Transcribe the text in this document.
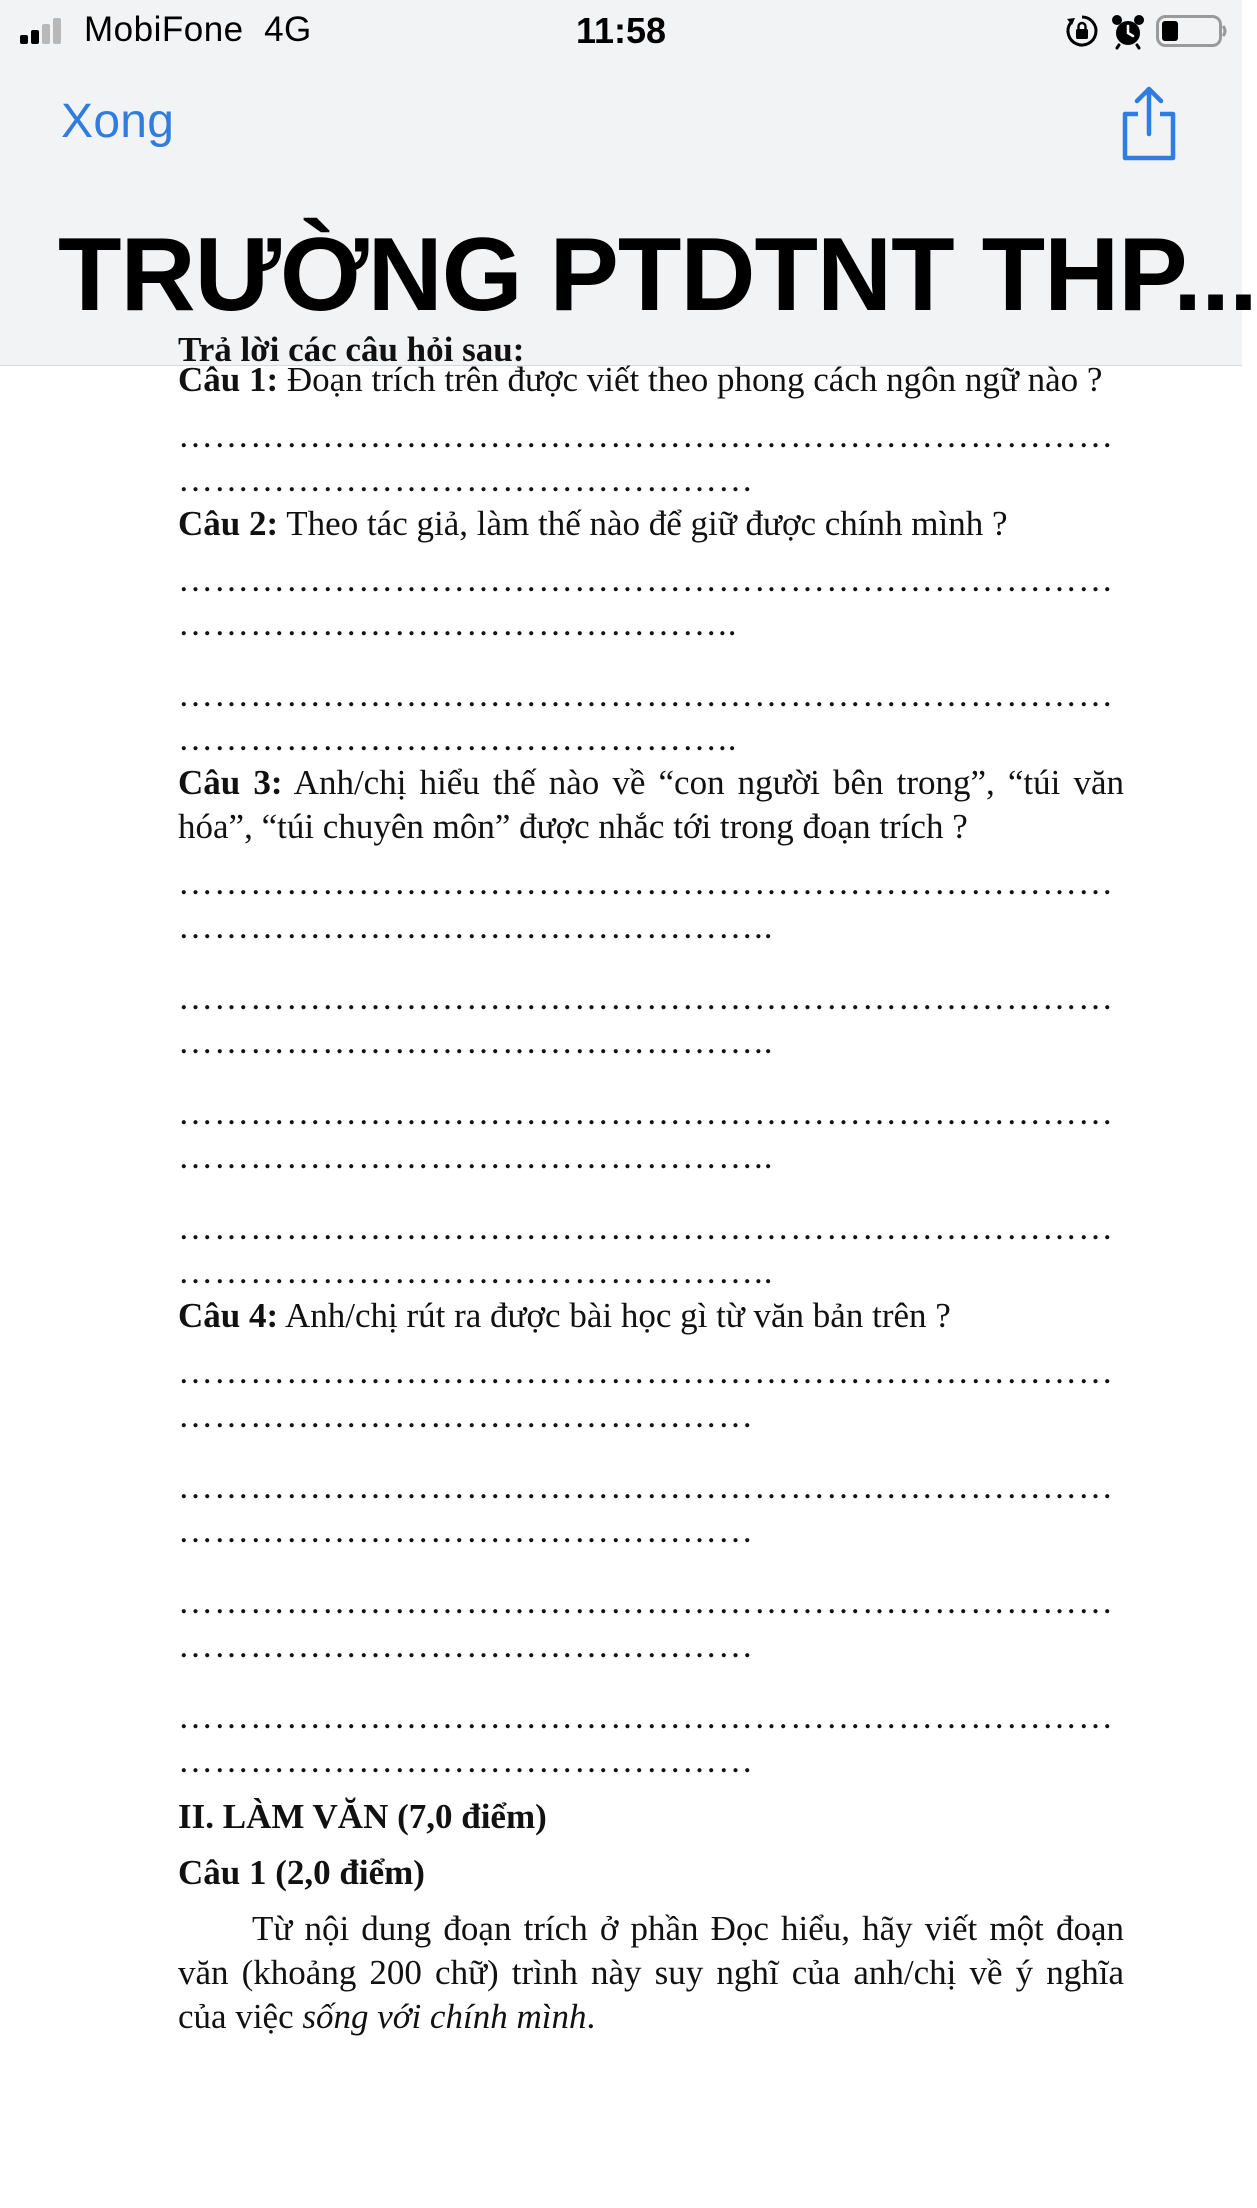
MobiFone 4G	11:58
Xong
TRƯỜNG PTDTNT THP...
Trả lời các câu hỏi sau:

Câu 1: Đoạn trích trên được viết theo phong cách ngôn ngữ nào ?

……………………………………………………………………

…………………………………………

Câu 2: Theo tác giả, làm thế nào để giữ được chính mình ?

……………………………………………………………………

………………………………………..

……………………………………………………………………

………………………………………..

Câu 3: Anh/chị hiểu thế nào về “con người bên trong”, “túi văn hóa”, “túi chuyên môn” được nhắc tới trong đoạn trích ?

……………………………………………………………………

…………………………………………..

……………………………………………………………………

…………………………………………..

……………………………………………………………………

…………………………………………..

……………………………………………………………………

…………………………………………..

Câu 4: Anh/chị rút ra được bài học gì từ văn bản trên ?

……………………………………………………………………

…………………………………………

……………………………………………………………………

…………………………………………

……………………………………………………………………

…………………………………………

……………………………………………………………………

…………………………………………

II. LÀM VĂN (7,0 điểm)

Câu 1 (2,0 điểm)

Từ nội dung đoạn trích ở phần Đọc hiểu, hãy viết một đoạn văn (khoảng 200 chữ) trình này suy nghĩ của anh/chị về ý nghĩa của việc sống với chính mình.
